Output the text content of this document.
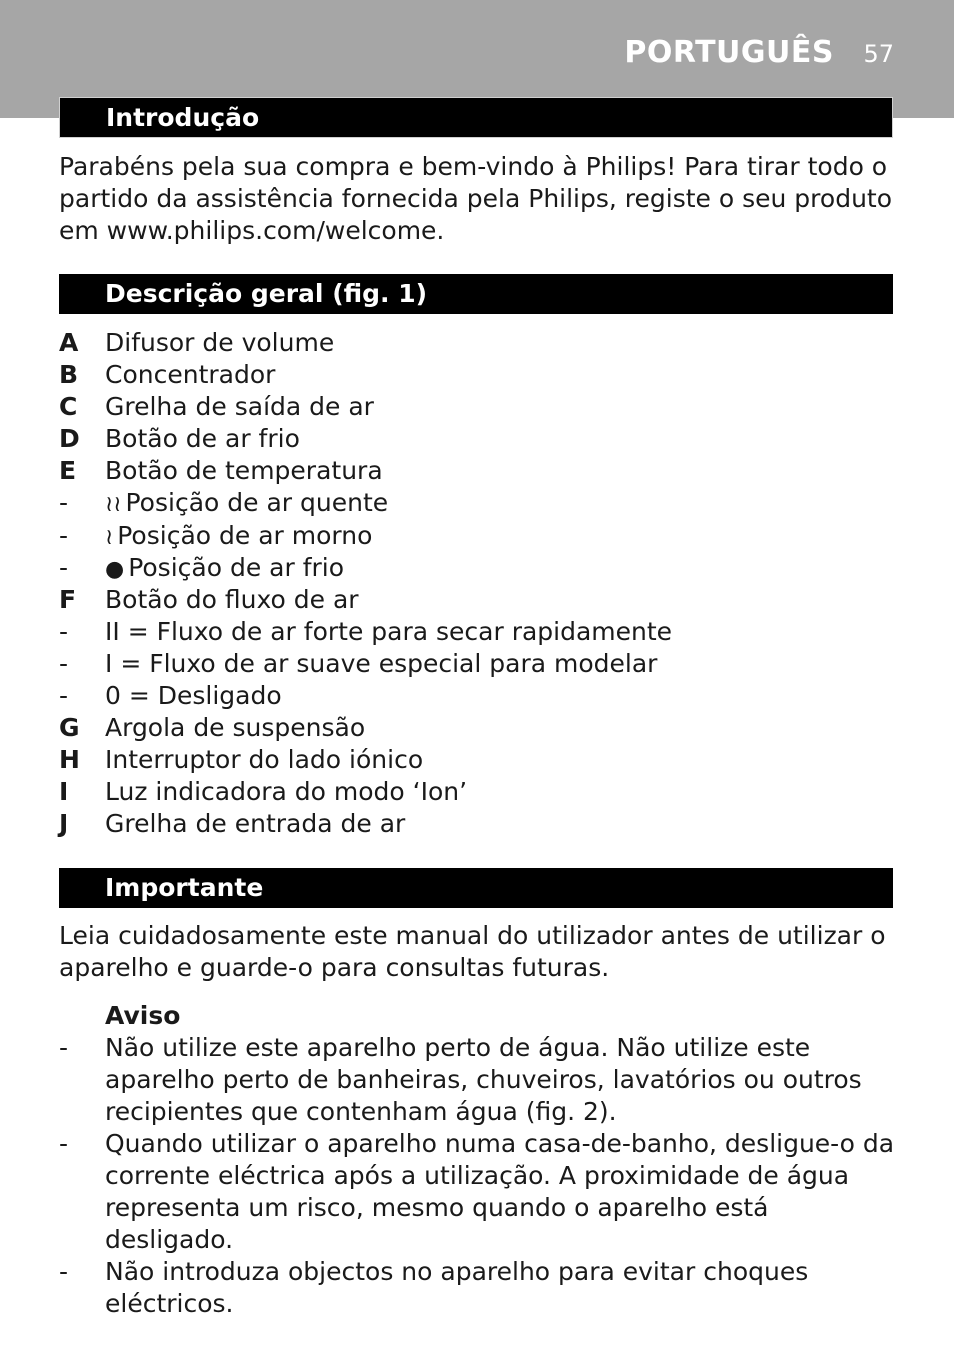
PORTUGUÊS 57
Introdução

Parabéns pela sua compra e bem-vindo à Philips! Para tirar todo o partido da assistência fornecida pela Philips, registe o seu produto em www.philips.com/welcome.

Descrição geral (fig. 1)
A	Difusor de volume
B	Concentrador
C	Grelha de saída de ar
D	Botão de ar frio
E	Botão de temperatura
-	≀≀ Posição de ar quente
-	≀ Posição de ar morno
-	● Posição de ar frio
F	Botão do fluxo de ar
-	II = Fluxo de ar forte para secar rapidamente
-	I = Fluxo de ar suave especial para modelar
-	0 = Desligado
G	Argola de suspensão
H	Interruptor do lado iónico
I	Luz indicadora do modo ‘Ion’
J	Grelha de entrada de ar
Importante

Leia cuidadosamente este manual do utilizador antes de utilizar o aparelho e guarde-o para consultas futuras.

Aviso
- Não utilize este aparelho perto de água. Não utilize este aparelho perto de banheiras, chuveiros, lavatórios ou outros recipientes que contenham água (fig. 2).
- Quando utilizar o aparelho numa casa-de-banho, desligue-o da corrente eléctrica após a utilização. A proximidade de água representa um risco, mesmo quando o aparelho está desligado.
- Não introduza objectos no aparelho para evitar choques eléctricos.
